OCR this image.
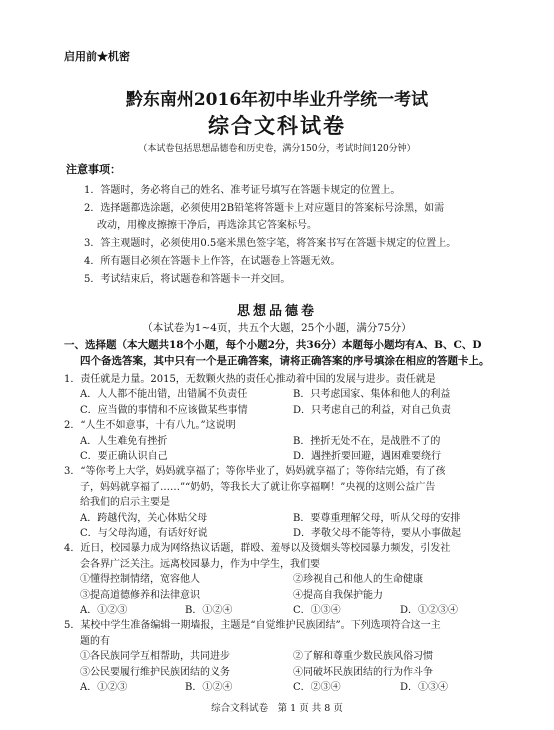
启用前★机密
黔东南州2016年初中毕业升学统一考试
综合文科试卷
（本试卷包括思想品德卷和历史卷，满分150分，考试时间120分钟）
注意事项：
1．答题时，务必将自己的姓名、准考证号填写在答题卡规定的位置上。
2．选择题都选涂题，必须使用2B铅笔将答题卡上对应题目的答案标号涂黑，如需
改动，用橡皮擦擦干净后，再选涂其它答案标号。
3．答主观题时，必须使用0.5毫米黑色签字笔，将答案书写在答题卡规定的位置上。
4．所有题目必须在答题卡上作答，在试题卷上答题无效。
5．考试结束后，将试题卷和答题卡一并交回。
思想品德卷
（本试卷为1~4页，共五个大题，25个小题，满分75分）
一、选择题（本大题共18个小题，每个小题2分，共36分）本题每小题均有A、B、C、D
四个备选答案，其中只有一个是正确答案，请将正确答案的序号填涂在相应的答题卡上。
1．责任就是力量。2015，无数颗火热的责任心推动着中国的发展与进步。责任就是
A．人人都不能出错，出错属不负责任	B．只考虑国家、集体和他人的利益
C．应当做的事情和不应该做某些事情	D．只考虑自己的利益，对自己负责
2．“人生不如意事，十有八九。”这说明
A．人生难免有挫折	B．挫折无处不在，是战胜不了的
C．要正确认识自己	D．遇挫折要回避，遇困难要绕行
3．“等你考上大学，妈妈就享福了；等你毕业了，妈妈就享福了；等你结完婚，有了孩
子，妈妈就享福了……”“奶奶，等我长大了就让你享福啊！”央视的这则公益广告
给我们的启示主要是
A．跨越代沟，关心体贴父母	B．要尊重理解父母，听从父母的安排
C．与父母沟通，有话好好说	D．孝敬父母不能等待，要从小事做起
4．近日，校园暴力成为网络热议话题，群殴、羞辱以及烫烟头等校园暴力频发，引发社
会各界广泛关注。远离校园暴力，作为中学生，我们要
①懂得控制情绪，宽容他人	②珍视自己和他人的生命健康
③提高道德修养和法律意识	④提高自我保护能力
A．①②③	B．①②④	C．①③④	D．①②③④
5．某校中学生准备编辑一期墙报，主题是“自觉维护民族团结”。下列选项符合这一主
题的有
①各民族同学互相帮助，共同进步	②了解和尊重少数民族风俗习惯
③公民要履行维护民族团结的义务	④同破坏民族团结的行为作斗争
A．①②③	B．①②④	C．②③④	D．①③④
综合文科试卷　第 1 页 共 8 页
